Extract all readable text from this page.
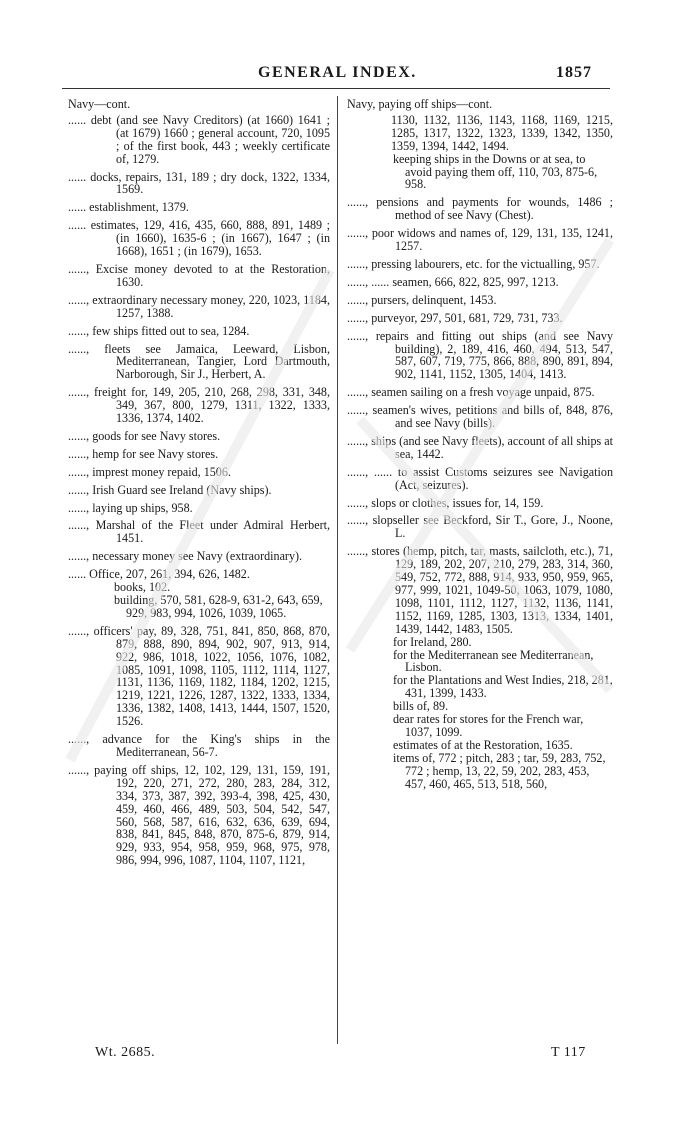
GENERAL INDEX.	1857
Navy—cont.
...... debt (and see Navy Creditors) (at 1660) 1641 ; (at 1679) 1660 ; general account, 720, 1095 ; of the first book, 443 ; weekly certificate of, 1279.
...... docks, repairs, 131, 189 ; dry dock, 1322, 1334, 1569.
...... establishment, 1379.
...... estimates, 129, 416, 435, 660, 888, 891, 1489 ; (in 1660), 1635-6 ; (in 1667), 1647 ; (in 1668), 1651 ; (in 1679), 1653.
......, Excise money devoted to at the Restoration, 1630.
......, extraordinary necessary money, 220, 1023, 1184, 1257, 1388.
......, few ships fitted out to sea, 1284.
......, fleets see Jamaica, Leeward, Lisbon, Mediterranean, Tangier, Lord Dartmouth, Narborough, Sir J., Herbert, A.
......, freight for, 149, 205, 210, 268, 298, 331, 348, 349, 367, 800, 1279, 1311, 1322, 1333, 1336, 1374, 1402.
......, goods for see Navy stores.
......, hemp for see Navy stores.
......, imprest money repaid, 1506.
......, Irish Guard see Ireland (Navy ships).
......, laying up ships, 958.
......, Marshal of the Fleet under Admiral Herbert, 1451.
......, necessary money see Navy (extraordinary).
...... Office, 207, 261, 394, 626, 1482.
books, 102.
building, 570, 581, 628-9, 631-2, 643, 659, 929, 983, 994, 1026, 1039, 1065.
......, officers' pay, 89, 328, 751, 841, 850, 868, 870, 879, 888, 890, 894, 902, 907, 913, 914, 922, 986, 1018, 1022, 1056, 1076, 1082, 1085, 1091, 1098, 1105, 1112, 1114, 1127, 1131, 1136, 1169, 1182, 1184, 1202, 1215, 1219, 1221, 1226, 1287, 1322, 1333, 1334, 1336, 1382, 1408, 1413, 1444, 1507, 1520, 1526.
......, advance for the King's ships in the Mediterranean, 56-7.
......, paying off ships, 12, 102, 129, 131, 159, 191, 192, 220, 271, 272, 280, 283, 284, 312, 334, 373, 387, 392, 393-4, 398, 425, 430, 459, 460, 466, 489, 503, 504, 542, 547, 560, 568, 587, 616, 632, 636, 639, 694, 838, 841, 845, 848, 870, 875-6, 879, 914, 929, 933, 954, 958, 959, 968, 975, 978, 986, 994, 996, 1087, 1104, 1107, 1121,
Navy, paying off ships—cont.
1130, 1132, 1136, 1143, 1168, 1169, 1215, 1285, 1317, 1322, 1323, 1339, 1342, 1350, 1359, 1394, 1442, 1494.
keeping ships in the Downs or at sea, to avoid paying them off, 110, 703, 875-6, 958.
......, pensions and payments for wounds, 1486 ; method of see Navy (Chest).
......, poor widows and names of, 129, 131, 135, 1241, 1257.
......, pressing labourers, etc. for the victualling, 957.
......, ...... seamen, 666, 822, 825, 997, 1213.
......, pursers, delinquent, 1453.
......, purveyor, 297, 501, 681, 729, 731, 733.
......, repairs and fitting out ships (and see Navy building), 2, 189, 416, 460, 494, 513, 547, 587, 607, 719, 775, 866, 888, 890, 891, 894, 902, 1141, 1152, 1305, 1404, 1413.
......, seamen sailing on a fresh voyage unpaid, 875.
......, seamen's wives, petitions and bills of, 848, 876, and see Navy (bills).
......, ships (and see Navy fleets), account of all ships at sea, 1442.
......, ...... to assist Customs seizures see Navigation (Act, seizures).
......, slops or clothes, issues for, 14, 159.
......, slopseller see Beckford, Sir T., Gore, J., Noone, L.
......, stores (hemp, pitch, tar, masts, sailcloth, etc.), 71, 129, 189, 202, 207, 210, 279, 283, 314, 360, 549, 752, 772, 888, 914, 933, 950, 959, 965, 977, 999, 1021, 1049-50, 1063, 1079, 1080, 1098, 1101, 1112, 1127, 1132, 1136, 1141, 1152, 1169, 1285, 1303, 1313, 1334, 1401, 1439, 1442, 1483, 1505.
for Ireland, 280.
for the Mediterranean see Mediterranean, Lisbon.
for the Plantations and West Indies, 218, 281, 431, 1399, 1433.
bills of, 89.
dear rates for stores for the French war, 1037, 1099.
estimates of at the Restoration, 1635.
items of, 772 ; pitch, 283 ; tar, 59, 283, 752, 772 ; hemp, 13, 22, 59, 202, 283, 453, 457, 460, 465, 513, 518, 560,
Wt. 2685.	T 117
